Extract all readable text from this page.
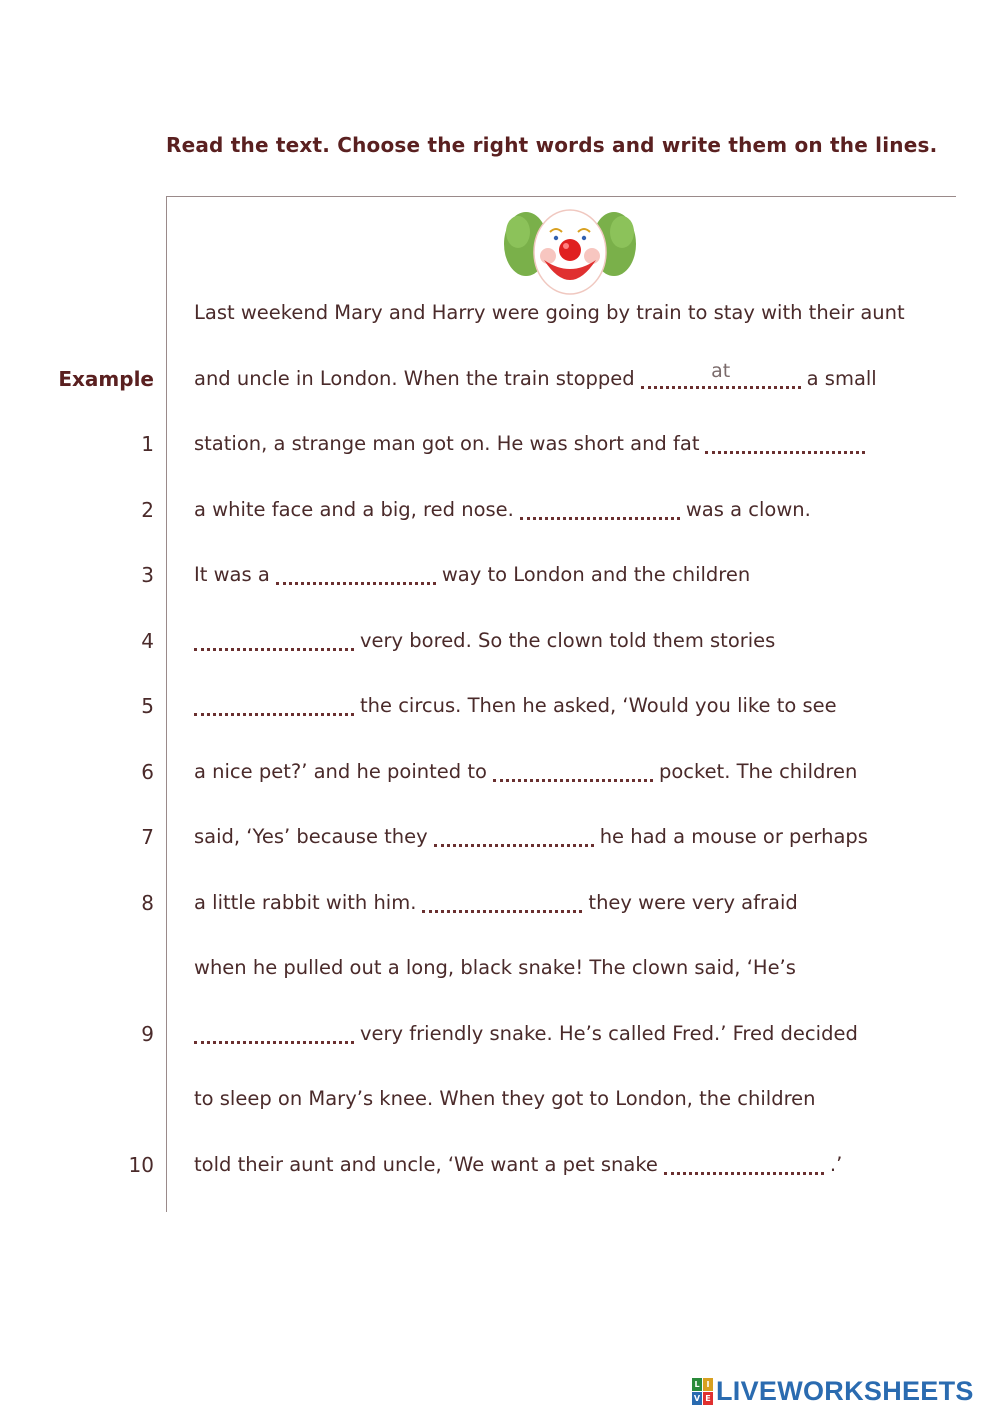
Read the text. Choose the right words and write them on the lines.
Last weekend Mary and Harry were going by train to stay with their aunt
Example and uncle in London. When the train stopped
at	a small
1 station, a strange man got on. He was short and fat
2 a white face and a big, red nose.	was a clown.
3 It was a	way to London and the children
4	very bored. So the clown told them stories
5	the circus. Then he asked, ‘Would you like to see
6 a nice pet?’ and he pointed to	pocket. The children
7 said, ‘Yes’ because they	he had a mouse or perhaps
8 a little rabbit with him.	they were very afraid
when he pulled out a long, black snake! The clown said, ‘He’s
9	very friendly snake. He’s called Fred.’ Fred decided
to sleep on Mary’s knee. When they got to London, the children
10 told their aunt and uncle, ‘We want a pet snake	.’
L I
V E LIVEWORKSHEETS
